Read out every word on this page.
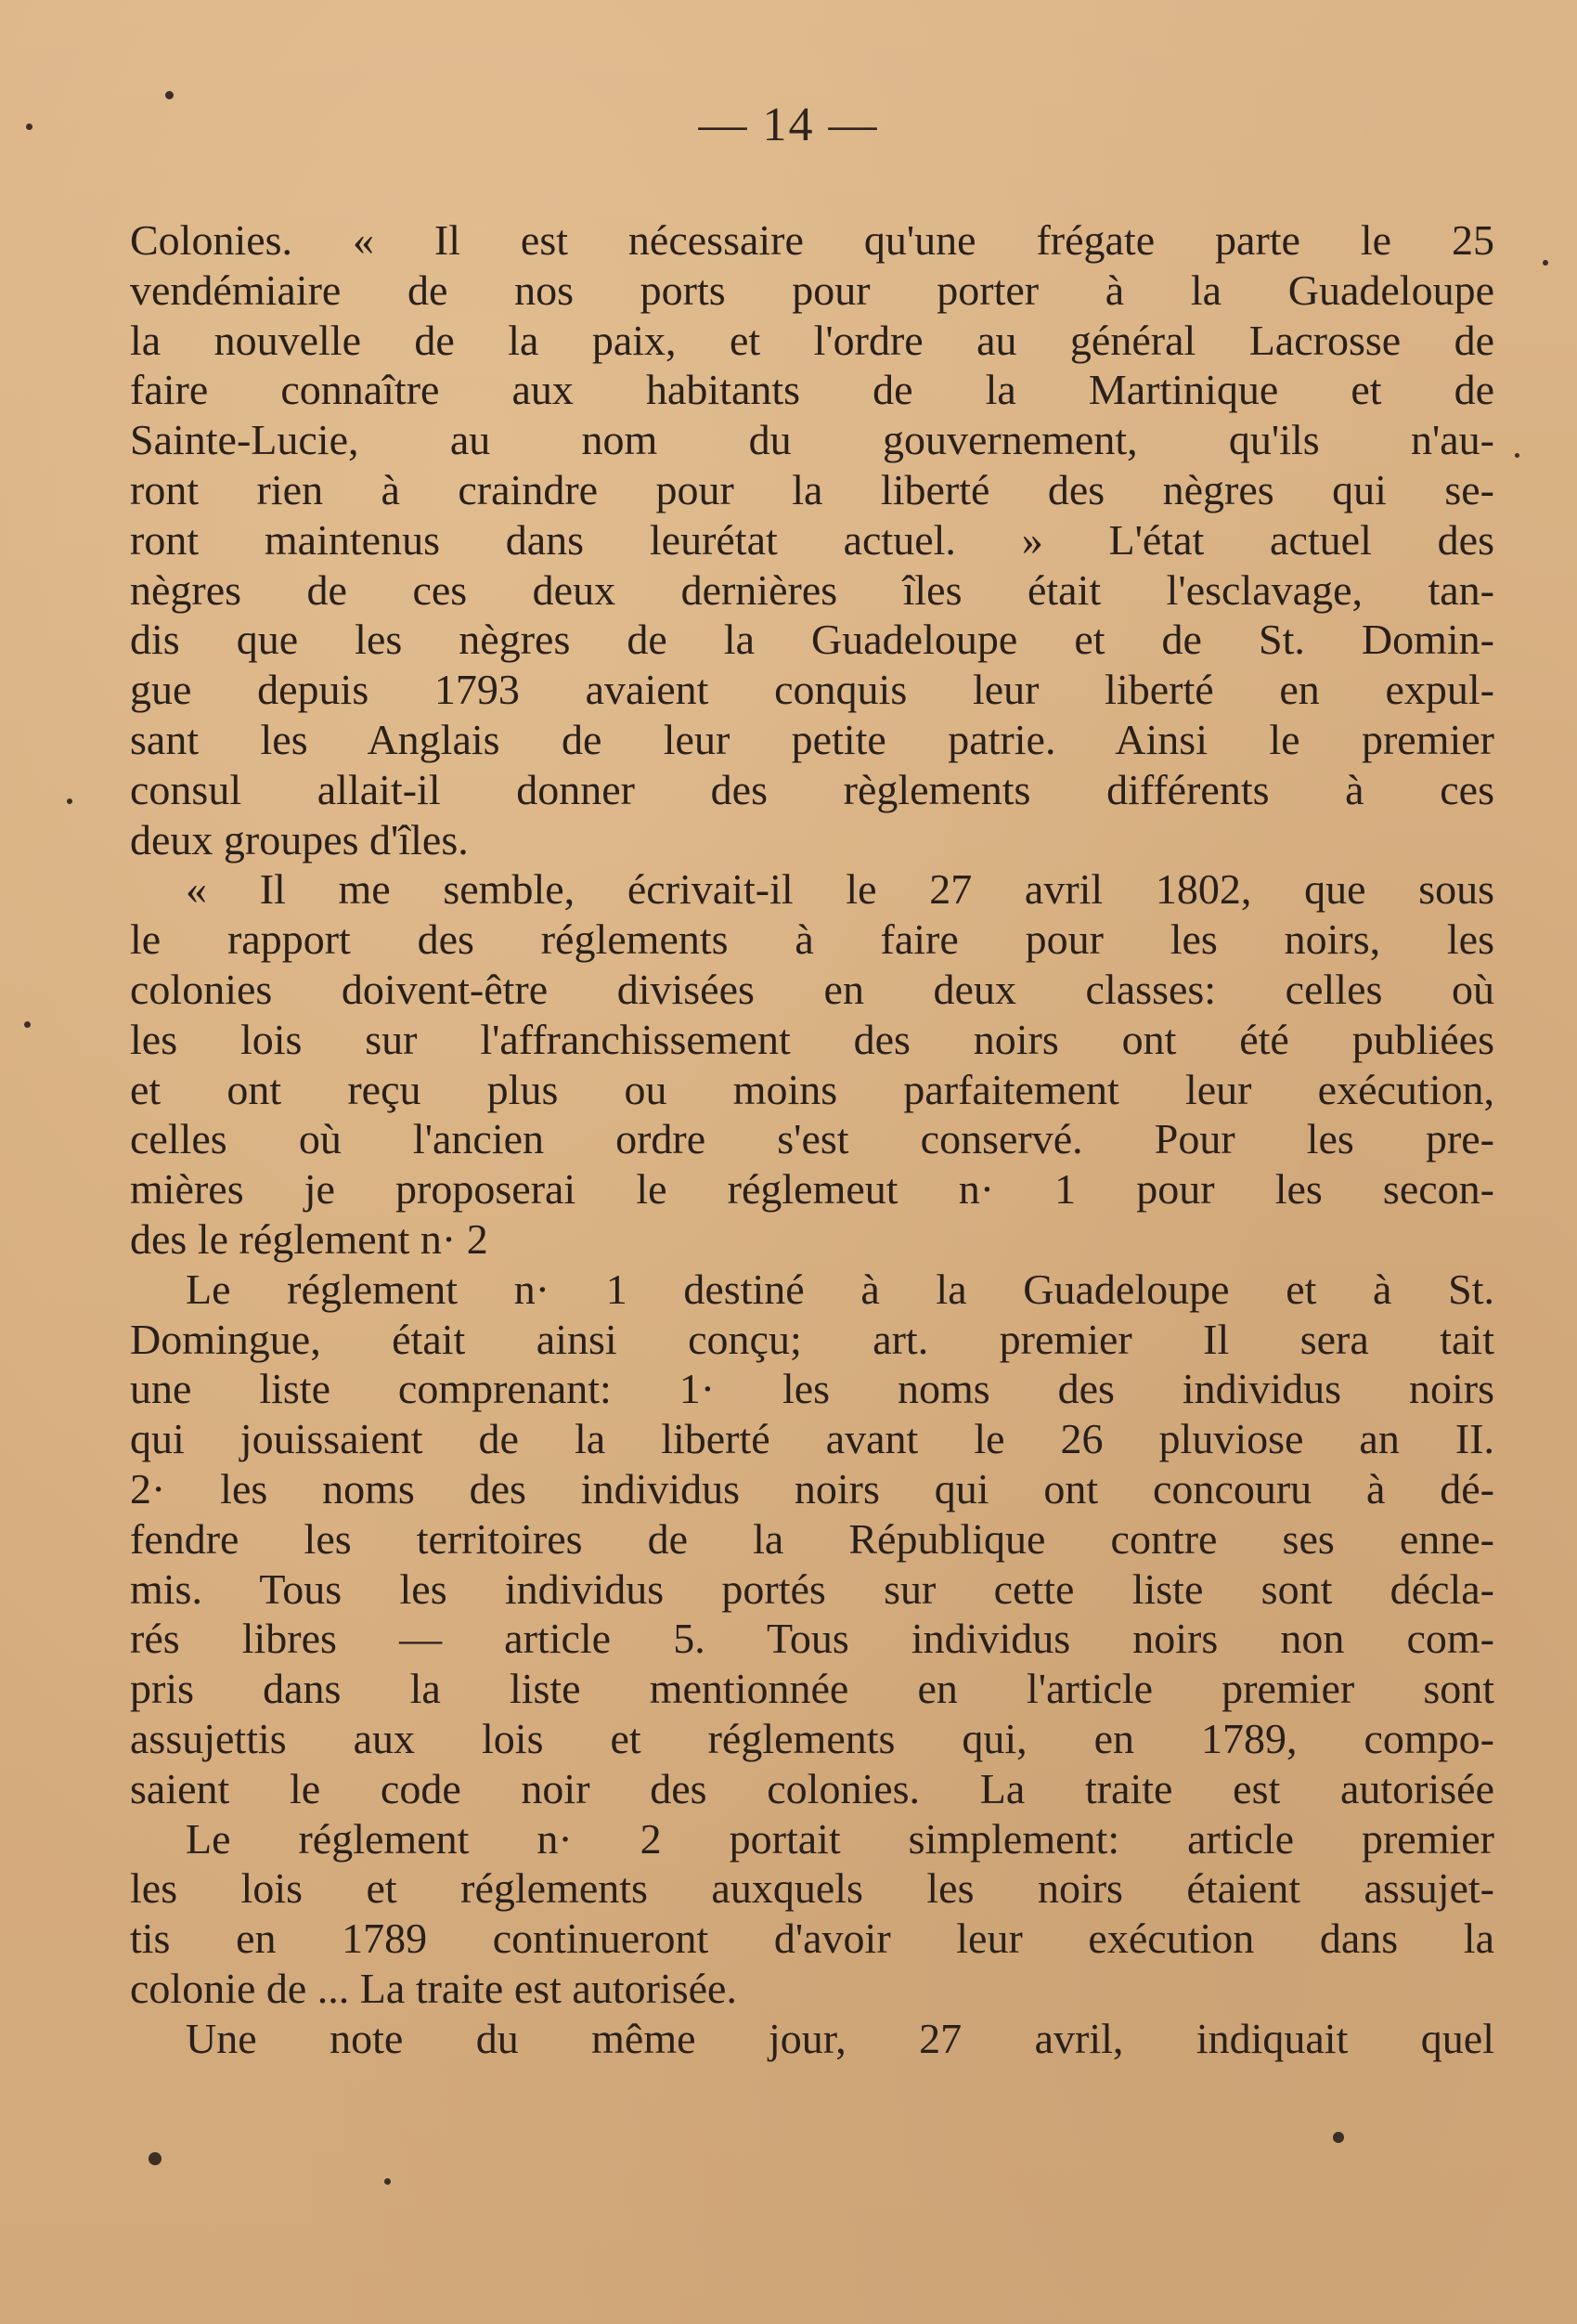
— 14 —
Colonies. « Il est nécessaire qu'une frégate parte le 25
vendémiaire de nos ports pour porter à la Guadeloupe
la nouvelle de la paix, et l'ordre au général Lacrosse de
faire connaître aux habitants de la Martinique et de
Sainte-Lucie, au nom du gouvernement, qu'ils n'au-
ront rien à craindre pour la liberté des nègres qui se-
ront maintenus dans leurétat actuel. » L'état actuel des
nègres de ces deux dernières îles était l'esclavage, tan-
dis que les nègres de la Guadeloupe et de St. Domin-
gue depuis 1793 avaient conquis leur liberté en expul-
sant les Anglais de leur petite patrie. Ainsi le premier
consul allait-il donner des règlements différents à ces
deux groupes d'îles.
« Il me semble, écrivait-il le 27 avril 1802, que sous
le rapport des réglements à faire pour les noirs, les
colonies doivent-être divisées en deux classes: celles où
les lois sur l'affranchissement des noirs ont été publiées
et ont reçu plus ou moins parfaitement leur exécution,
celles où l'ancien ordre s'est conservé. Pour les pre-
mières je proposerai le réglemeut n· 1 pour les secon-
des le réglement n· 2
Le réglement n· 1 destiné à la Guadeloupe et à St.
Domingue, était ainsi conçu; art. premier Il sera tait
une liste comprenant: 1· les noms des individus noirs
qui jouissaient de la liberté avant le 26 pluviose an II.
2· les noms des individus noirs qui ont concouru à dé-
fendre les territoires de la République contre ses enne-
mis. Tous les individus portés sur cette liste sont décla-
rés libres — article 5. Tous individus noirs non com-
pris dans la liste mentionnée en l'article premier sont
assujettis aux lois et réglements qui, en 1789, compo-
saient le code noir des colonies. La traite est autorisée
Le réglement n· 2 portait simplement: article premier
les lois et réglements auxquels les noirs étaient assujet-
tis en 1789 continueront d'avoir leur exécution dans la
colonie de ... La traite est autorisée.
Une note du même jour, 27 avril, indiquait quel
